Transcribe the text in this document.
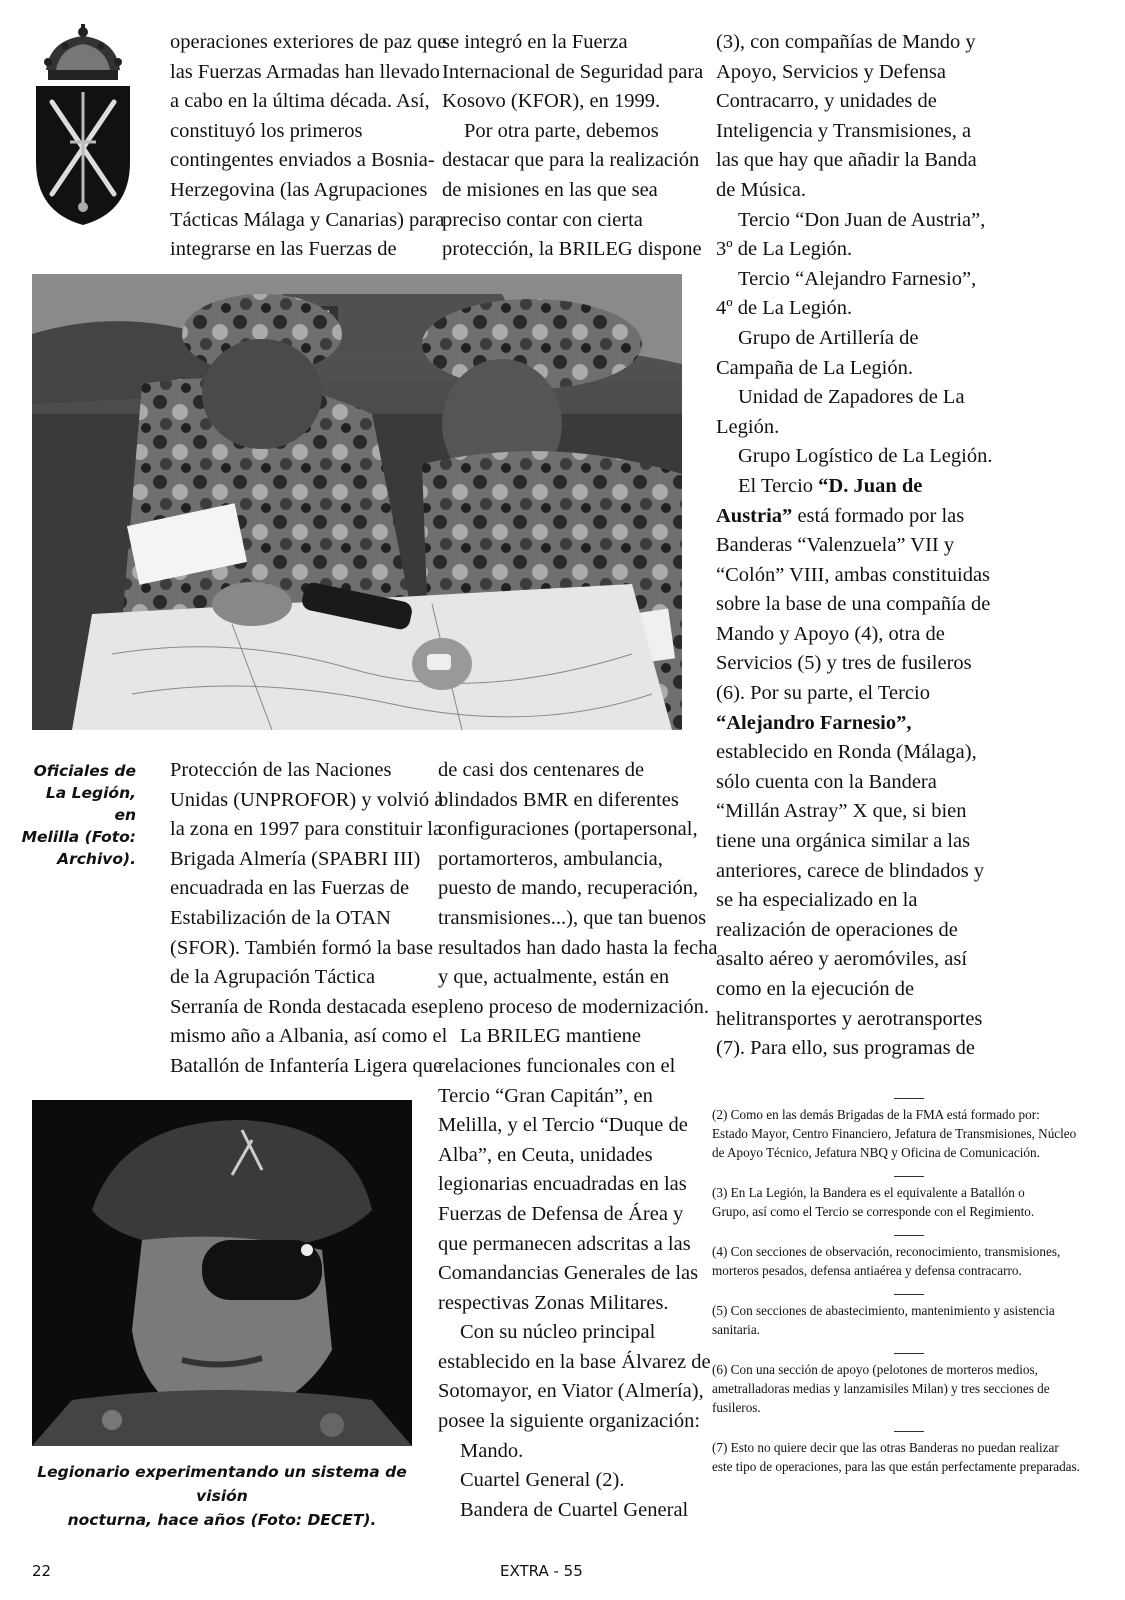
operaciones exteriores de paz que
las Fuerzas Armadas han llevado
a cabo en la última década. Así,
constituyó los primeros
contingentes enviados a Bosnia-
Herzegovina (las Agrupaciones
Tácticas Málaga y Canarias) para
integrarse en las Fuerzas de
se integró en la Fuerza
Internacional de Seguridad para
Kosovo (KFOR), en 1999.
Por otra parte, debemos
destacar que para la realización
de misiones en las que sea
preciso contar con cierta
protección, la BRILEG dispone
(3), con compañías de Mando y
Apoyo, Servicios y Defensa
Contracarro, y unidades de
Inteligencia y Transmisiones, a
las que hay que añadir la Banda
de Música.
Tercio “Don Juan de Austria”,
3º de La Legión.
Tercio “Alejandro Farnesio”,
4º de La Legión.
Grupo de Artillería de
Campaña de La Legión.
Unidad de Zapadores de La
Legión.
Grupo Logístico de La Legión.
El Tercio “D. Juan de
Austria” está formado por las
Banderas “Valenzuela” VII y
“Colón” VIII, ambas constituidas
sobre la base de una compañía de
Mando y Apoyo (4), otra de
Servicios (5) y tres de fusileros
(6). Por su parte, el Tercio
“Alejandro Farnesio”,
establecido en Ronda (Málaga),
sólo cuenta con la Bandera
“Millán Astray” X que, si bien
tiene una orgánica similar a las
anteriores, carece de blindados y
se ha especializado en la
realización de operaciones de
asalto aéreo y aeromóviles, así
como en la ejecución de
helitransportes y aerotransportes
(7). Para ello, sus programas de
Oficiales de
La Legión, en
Melilla (Foto:
Archivo).
Protección de las Naciones
Unidas (UNPROFOR) y volvió a
la zona en 1997 para constituir la
Brigada Almería (SPABRI III)
encuadrada en las Fuerzas de
Estabilización de la OTAN
(SFOR). También formó la base
de la Agrupación Táctica
Serranía de Ronda destacada ese
mismo año a Albania, así como el
Batallón de Infantería Ligera que
de casi dos centenares de
blindados BMR en diferentes
configuraciones (portapersonal,
portamorteros, ambulancia,
puesto de mando, recuperación,
transmisiones...), que tan buenos
resultados han dado hasta la fecha
y que, actualmente, están en
pleno proceso de modernización.
La BRILEG mantiene
relaciones funcionales con el
Tercio “Gran Capitán”, en
Melilla, y el Tercio “Duque de
Alba”, en Ceuta, unidades
legionarias encuadradas en las
Fuerzas de Defensa de Área y
que permanecen adscritas a las
Comandancias Generales de las
respectivas Zonas Militares.
Con su núcleo principal
establecido en la base Álvarez de
Sotomayor, en Viator (Almería),
posee la siguiente organización:
Mando.
Cuartel General (2).
Bandera de Cuartel General
Legionario experimentando un sistema de visión
nocturna, hace años (Foto: DECET).

(2) Como en las demás Brigadas de la FMA está formado por:
Estado Mayor, Centro Financiero, Jefatura de Transmisiones, Núcleo
de Apoyo Técnico, Jefatura NBQ y Oficina de Comunicación.

(3) En La Legión, la Bandera es el equivalente a Batallón o
Grupo, así como el Tercio se corresponde con el Regimiento.

(4) Con secciones de observación, reconocimiento, transmisiones,
morteros pesados, defensa antiaérea y defensa contracarro.

(5) Con secciones de abastecimiento, mantenimiento y asistencia
sanitaria.

(6) Con una sección de apoyo (pelotones de morteros medios,
ametralladoras medias y lanzamisiles Milan) y tres secciones de
fusileros.

(7) Esto no quiere decir que las otras Banderas no puedan realizar
este tipo de operaciones, para las que están perfectamente preparadas.

22	EXTRA - 55
